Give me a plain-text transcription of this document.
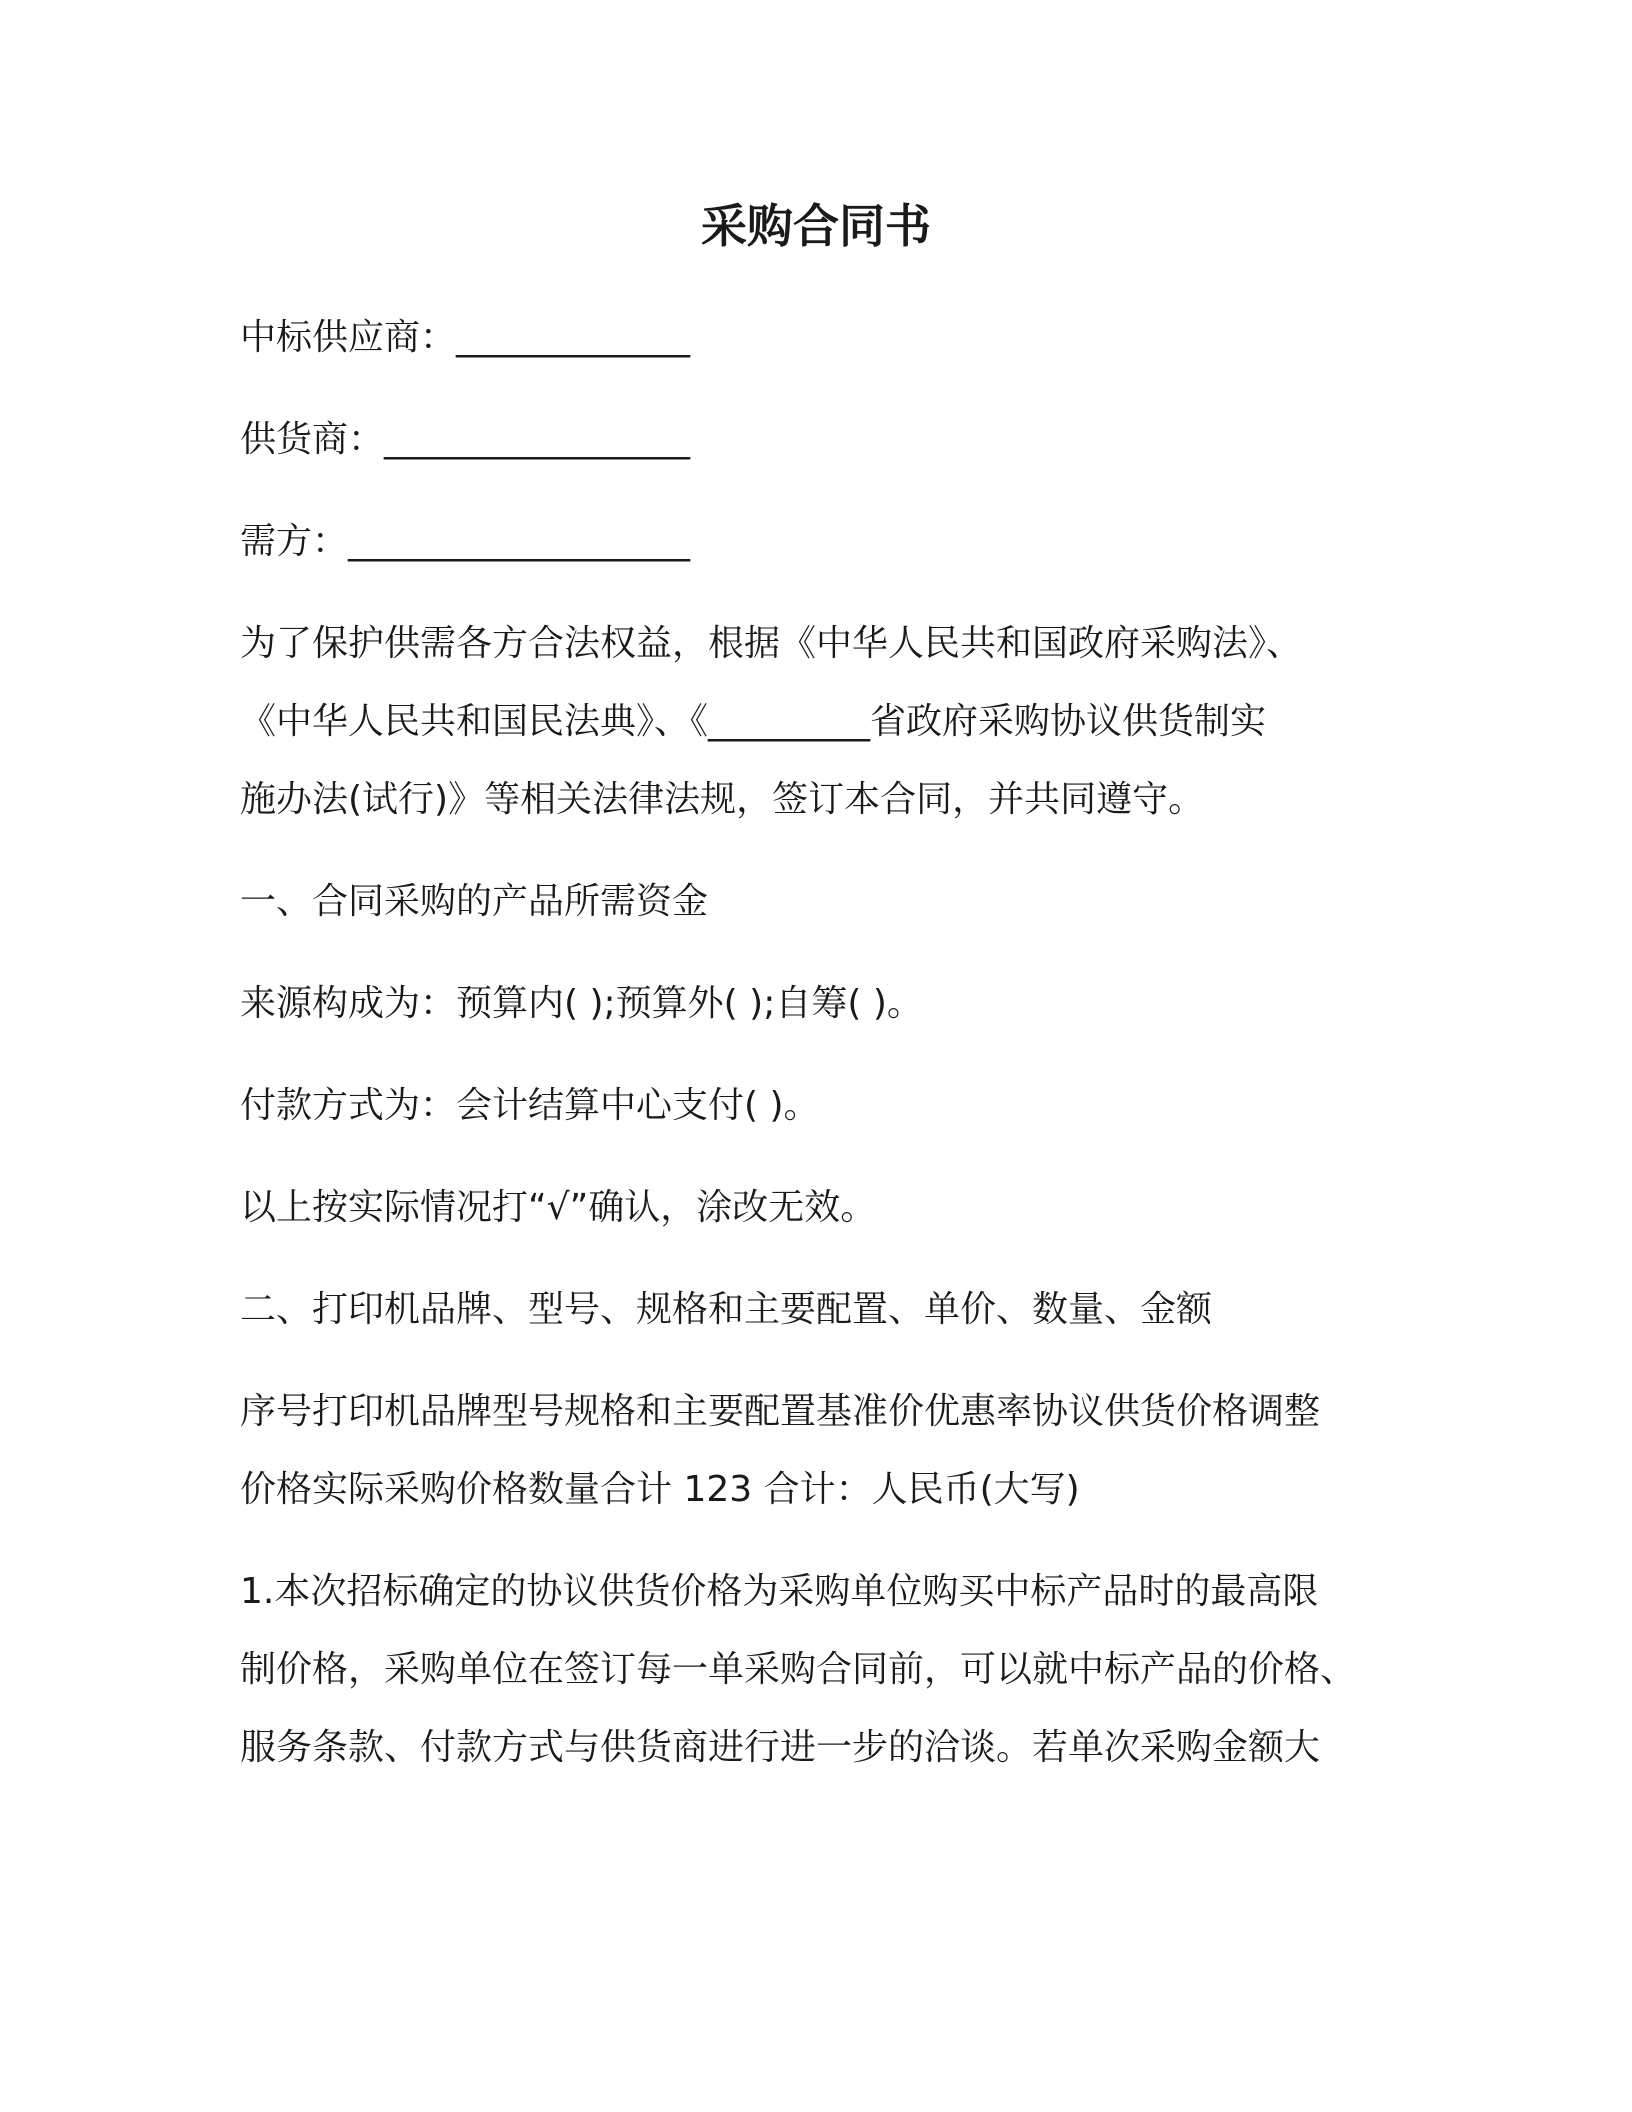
采购合同书
中标供应商：_____________
供货商：_________________
需方：___________________
为了保护供需各方合法权益，根据《中华人民共和国政府采购法》、
《中华人民共和国民法典》、《_________省政府采购协议供货制实
施办法(试行)》等相关法律法规，签订本合同，并共同遵守。
一、合同采购的产品所需资金
来源构成为：预算内( );预算外( );自筹( )。
付款方式为：会计结算中心支付( )。
以上按实际情况打“√”确认，涂改无效。
二、打印机品牌、型号、规格和主要配置、单价、数量、金额
序号打印机品牌型号规格和主要配置基准价优惠率协议供货价格调整
价格实际采购价格数量合计 123 合计：人民币(大写)
1.本次招标确定的协议供货价格为采购单位购买中标产品时的最高限
制价格，采购单位在签订每一单采购合同前，可以就中标产品的价格、
服务条款、付款方式与供货商进行进一步的洽谈。若单次采购金额大
